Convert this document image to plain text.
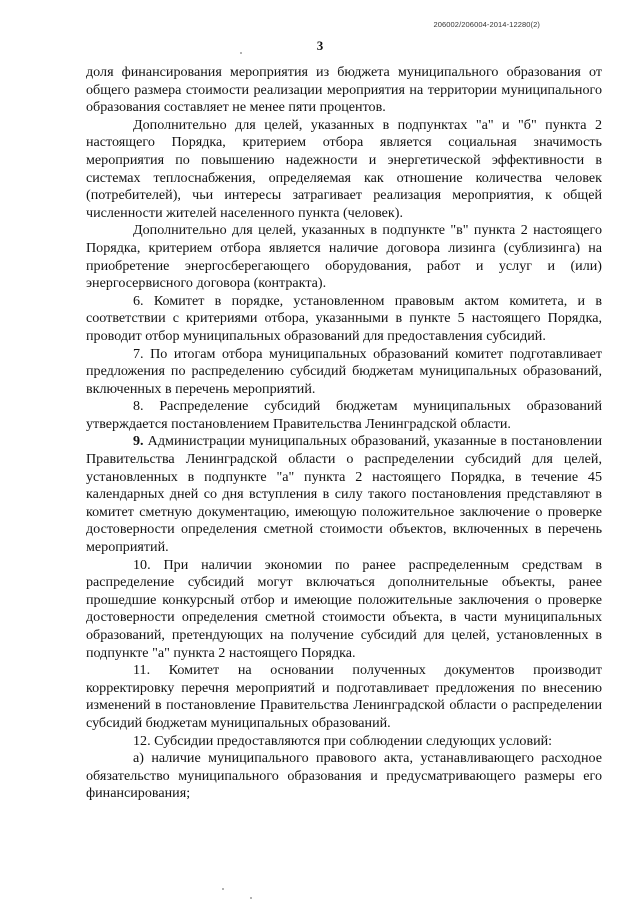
206002/206004-2014-12280(2)
3

доля финансирования мероприятия из бюджета муниципального образования от общего размера стоимости реализации мероприятия на территории муниципального образования составляет не менее пяти процентов.

Дополнительно для целей, указанных в подпунктах "а" и "б" пункта 2 настоящего Порядка, критерием отбора является социальная значимость мероприятия по повышению надежности и энергетической эффективности в системах теплоснабжения, определяемая как отношение количества человек (потребителей), чьи интересы затрагивает реализация мероприятия, к общей численности жителей населенного пункта (человек).

Дополнительно для целей, указанных в подпункте "в" пункта 2 настоящего Порядка, критерием отбора является наличие договора лизинга (сублизинга) на приобретение энергосберегающего оборудования, работ и услуг и (или) энергосервисного договора (контракта).

6. Комитет в порядке, установленном правовым актом комитета, и в соответствии с критериями отбора, указанными в пункте 5 настоящего Порядка, проводит отбор муниципальных образований для предоставления субсидий.

7. По итогам отбора муниципальных образований комитет подготавливает предложения по распределению субсидий бюджетам муниципальных образований, включенных в перечень мероприятий.

8. Распределение субсидий бюджетам муниципальных образований утверждается постановлением Правительства Ленинградской области.

9. Администрации муниципальных образований, указанные в постановлении Правительства Ленинградской области о распределении субсидий для целей, установленных в подпункте "а" пункта 2 настоящего Порядка, в течение 45 календарных дней со дня вступления в силу такого постановления представляют в комитет сметную документацию, имеющую положительное заключение о проверке достоверности определения сметной стоимости объектов, включенных в перечень мероприятий.

10. При наличии экономии по ранее распределенным средствам в распределение субсидий могут включаться дополнительные объекты, ранее прошедшие конкурсный отбор и имеющие положительные заключения о проверке достоверности определения сметной стоимости объекта, в части муниципальных образований, претендующих на получение субсидий для целей, установленных в подпункте "а" пункта 2 настоящего Порядка.

11. Комитет на основании полученных документов производит корректировку перечня мероприятий и подготавливает предложения по внесению изменений в постановление Правительства Ленинградской области о распределении субсидий бюджетам муниципальных образований.

12. Субсидии предоставляются при соблюдении следующих условий:

а) наличие муниципального правового акта, устанавливающего расходное обязательство муниципального образования и предусматривающего размеры его финансирования;
